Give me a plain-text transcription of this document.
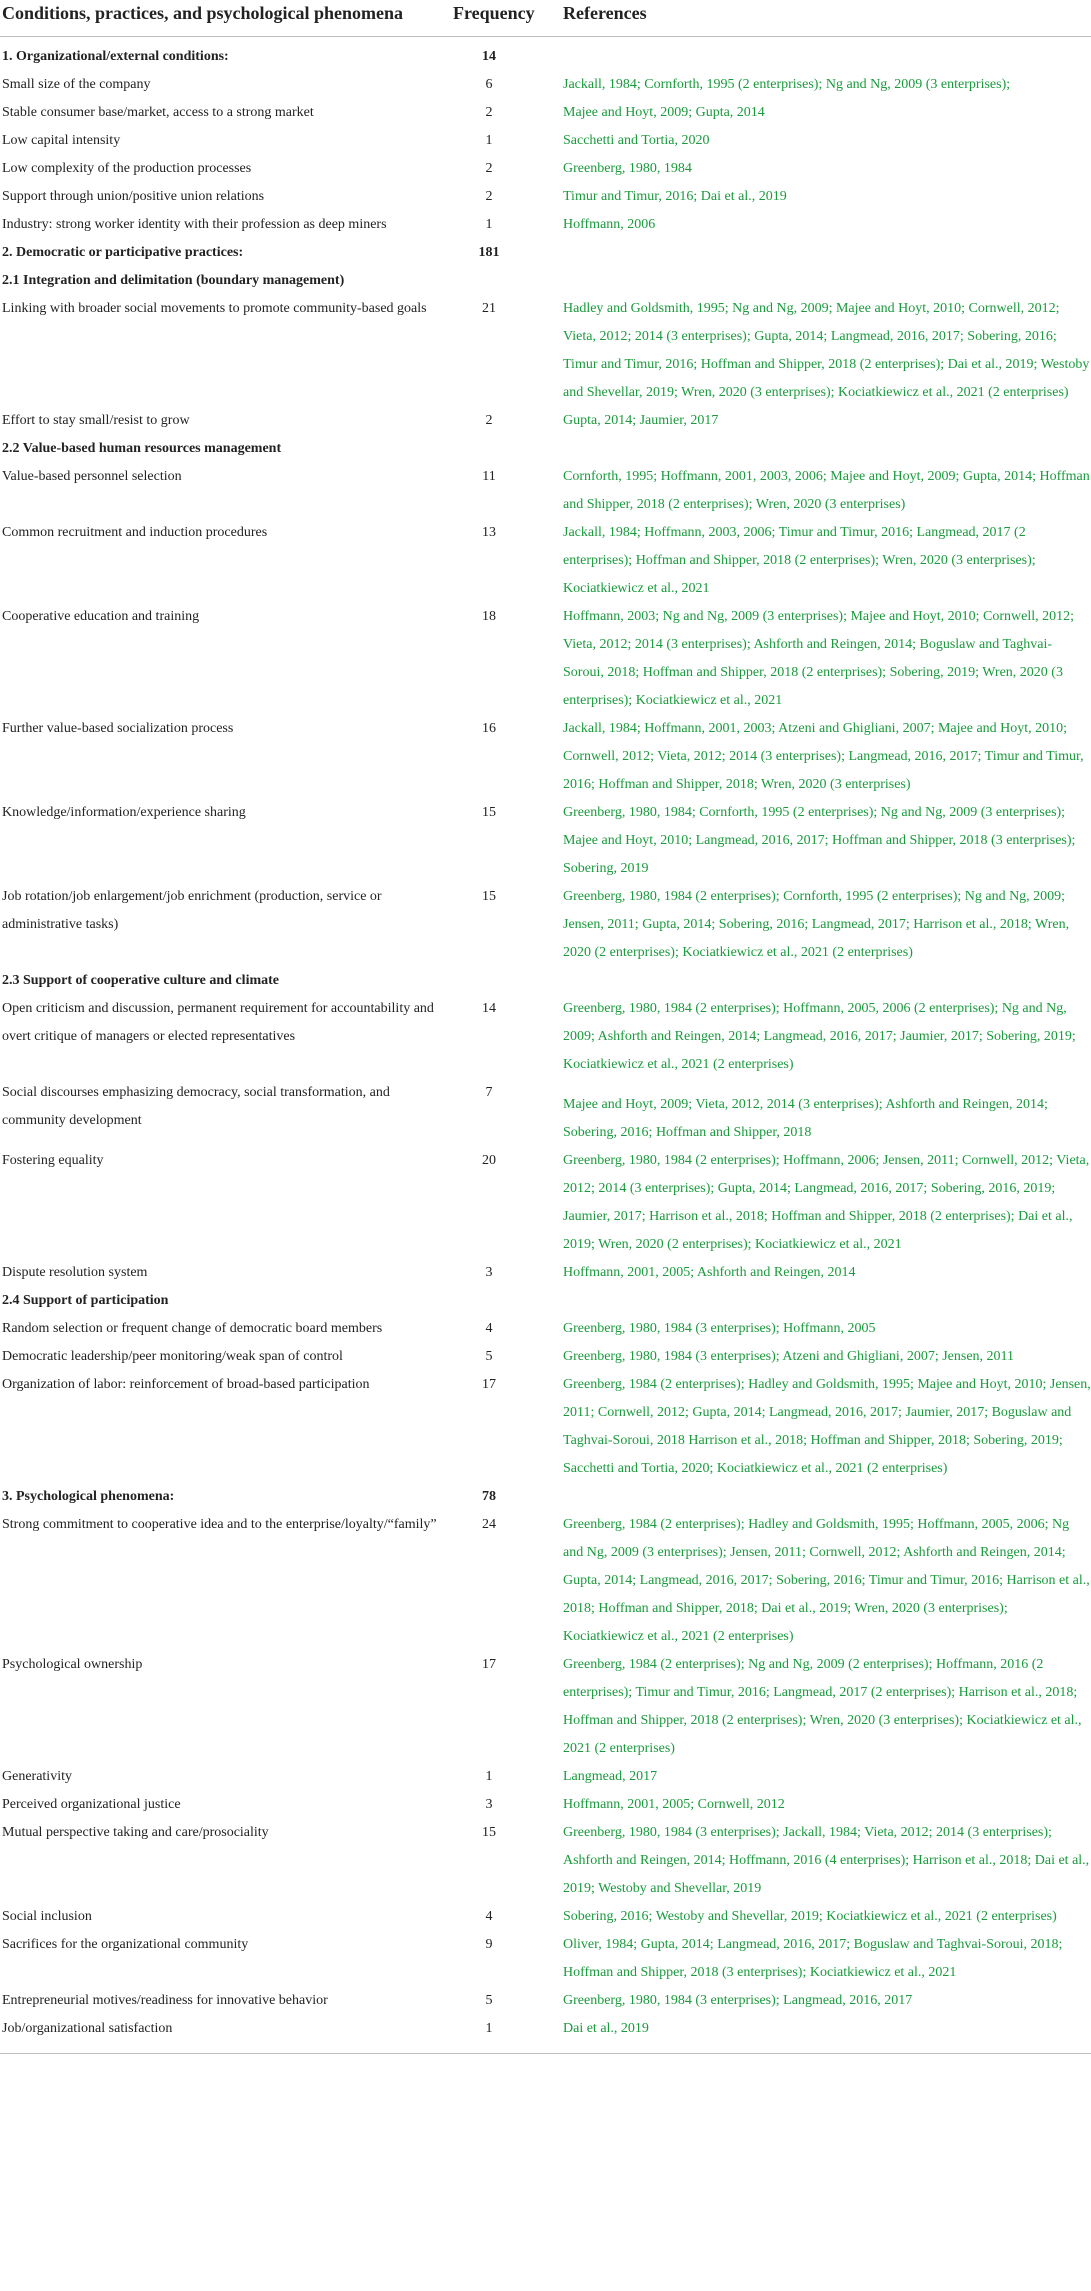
Conditions, practices, and psychological phenomena	Frequency	References

1. Organizational/external conditions:	14	
Small size of the company	6	Jackall, 1984; Cornforth, 1995 (2 enterprises); Ng and Ng, 2009 (3 enterprises);
Stable consumer base/market, access to a strong market	2	Majee and Hoyt, 2009; Gupta, 2014
Low capital intensity	1	Sacchetti and Tortia, 2020
Low complexity of the production processes	2	Greenberg, 1980, 1984
Support through union/positive union relations	2	Timur and Timur, 2016; Dai et al., 2019
Industry: strong worker identity with their profession as deep miners	1	Hoffmann, 2006
2. Democratic or participative practices:	181	
2.1 Integration and delimitation (boundary management)		
Linking with broader social movements to promote community-based goals	21	Hadley and Goldsmith, 1995; Ng and Ng, 2009; Majee and Hoyt, 2010; Cornwell, 2012; Vieta, 2012; 2014 (3 enterprises); Gupta, 2014; Langmead, 2016, 2017; Sobering, 2016; Timur and Timur, 2016; Hoffman and Shipper, 2018 (2 enterprises); Dai et al., 2019; Westoby and Shevellar, 2019; Wren, 2020 (3 enterprises); Kociatkiewicz et al., 2021 (2 enterprises)
Effort to stay small/resist to grow	2	Gupta, 2014; Jaumier, 2017
2.2 Value-based human resources management		
Value-based personnel selection	11	Cornforth, 1995; Hoffmann, 2001, 2003, 2006; Majee and Hoyt, 2009; Gupta, 2014; Hoffman and Shipper, 2018 (2 enterprises); Wren, 2020 (3 enterprises)
Common recruitment and induction procedures	13	Jackall, 1984; Hoffmann, 2003, 2006; Timur and Timur, 2016; Langmead, 2017 (2 enterprises); Hoffman and Shipper, 2018 (2 enterprises); Wren, 2020 (3 enterprises); Kociatkiewicz et al., 2021
Cooperative education and training	18	Hoffmann, 2003; Ng and Ng, 2009 (3 enterprises); Majee and Hoyt, 2010; Cornwell, 2012; Vieta, 2012; 2014 (3 enterprises); Ashforth and Reingen, 2014; Boguslaw and Taghvai-Soroui, 2018; Hoffman and Shipper, 2018 (2 enterprises); Sobering, 2019; Wren, 2020 (3 enterprises); Kociatkiewicz et al., 2021
Further value-based socialization process	16	Jackall, 1984; Hoffmann, 2001, 2003; Atzeni and Ghigliani, 2007; Majee and Hoyt, 2010; Cornwell, 2012; Vieta, 2012; 2014 (3 enterprises); Langmead, 2016, 2017; Timur and Timur, 2016; Hoffman and Shipper, 2018; Wren, 2020 (3 enterprises)
Knowledge/information/experience sharing	15	Greenberg, 1980, 1984; Cornforth, 1995 (2 enterprises); Ng and Ng, 2009 (3 enterprises); Majee and Hoyt, 2010; Langmead, 2016, 2017; Hoffman and Shipper, 2018 (3 enterprises); Sobering, 2019
Job rotation/job enlargement/job enrichment (production, service or administrative tasks)	15	Greenberg, 1980, 1984 (2 enterprises); Cornforth, 1995 (2 enterprises); Ng and Ng, 2009; Jensen, 2011; Gupta, 2014; Sobering, 2016; Langmead, 2017; Harrison et al., 2018; Wren, 2020 (2 enterprises); Kociatkiewicz et al., 2021 (2 enterprises)
2.3 Support of cooperative culture and climate		
Open criticism and discussion, permanent requirement for accountability and overt critique of managers or elected representatives	14	Greenberg, 1980, 1984 (2 enterprises); Hoffmann, 2005, 2006 (2 enterprises); Ng and Ng, 2009; Ashforth and Reingen, 2014; Langmead, 2016, 2017; Jaumier, 2017; Sobering, 2019; Kociatkiewicz et al., 2021 (2 enterprises)
Social discourses emphasizing democracy, social transformation, and community development	7	Majee and Hoyt, 2009; Vieta, 2012, 2014 (3 enterprises); Ashforth and Reingen, 2014; Sobering, 2016; Hoffman and Shipper, 2018
Fostering equality	20	Greenberg, 1980, 1984 (2 enterprises); Hoffmann, 2006; Jensen, 2011; Cornwell, 2012; Vieta, 2012; 2014 (3 enterprises); Gupta, 2014; Langmead, 2016, 2017; Sobering, 2016, 2019; Jaumier, 2017; Harrison et al., 2018; Hoffman and Shipper, 2018 (2 enterprises); Dai et al., 2019; Wren, 2020 (2 enterprises); Kociatkiewicz et al., 2021
Dispute resolution system	3	Hoffmann, 2001, 2005; Ashforth and Reingen, 2014
2.4 Support of participation		
Random selection or frequent change of democratic board members	4	Greenberg, 1980, 1984 (3 enterprises); Hoffmann, 2005
Democratic leadership/peer monitoring/weak span of control	5	Greenberg, 1980, 1984 (3 enterprises); Atzeni and Ghigliani, 2007; Jensen, 2011
Organization of labor: reinforcement of broad-based participation	17	Greenberg, 1984 (2 enterprises); Hadley and Goldsmith, 1995; Majee and Hoyt, 2010; Jensen, 2011; Cornwell, 2012; Gupta, 2014; Langmead, 2016, 2017; Jaumier, 2017; Boguslaw and Taghvai-Soroui, 2018 Harrison et al., 2018; Hoffman and Shipper, 2018; Sobering, 2019; Sacchetti and Tortia, 2020; Kociatkiewicz et al., 2021 (2 enterprises)
3. Psychological phenomena:	78	
Strong commitment to cooperative idea and to the enterprise/loyalty/“family”	24	Greenberg, 1984 (2 enterprises); Hadley and Goldsmith, 1995; Hoffmann, 2005, 2006; Ng and Ng, 2009 (3 enterprises); Jensen, 2011; Cornwell, 2012; Ashforth and Reingen, 2014; Gupta, 2014; Langmead, 2016, 2017; Sobering, 2016; Timur and Timur, 2016; Harrison et al., 2018; Hoffman and Shipper, 2018; Dai et al., 2019; Wren, 2020 (3 enterprises); Kociatkiewicz et al., 2021 (2 enterprises)
Psychological ownership	17	Greenberg, 1984 (2 enterprises); Ng and Ng, 2009 (2 enterprises); Hoffmann, 2016 (2 enterprises); Timur and Timur, 2016; Langmead, 2017 (2 enterprises); Harrison et al., 2018; Hoffman and Shipper, 2018 (2 enterprises); Wren, 2020 (3 enterprises); Kociatkiewicz et al., 2021 (2 enterprises)
Generativity	1	Langmead, 2017
Perceived organizational justice	3	Hoffmann, 2001, 2005; Cornwell, 2012
Mutual perspective taking and care/prosociality	15	Greenberg, 1980, 1984 (3 enterprises); Jackall, 1984; Vieta, 2012; 2014 (3 enterprises); Ashforth and Reingen, 2014; Hoffmann, 2016 (4 enterprises); Harrison et al., 2018; Dai et al., 2019; Westoby and Shevellar, 2019
Social inclusion	4	Sobering, 2016; Westoby and Shevellar, 2019; Kociatkiewicz et al., 2021 (2 enterprises)
Sacrifices for the organizational community	9	Oliver, 1984; Gupta, 2014; Langmead, 2016, 2017; Boguslaw and Taghvai-Soroui, 2018; Hoffman and Shipper, 2018 (3 enterprises); Kociatkiewicz et al., 2021
Entrepreneurial motives/readiness for innovative behavior	5	Greenberg, 1980, 1984 (3 enterprises); Langmead, 2016, 2017
Job/organizational satisfaction	1	Dai et al., 2019
